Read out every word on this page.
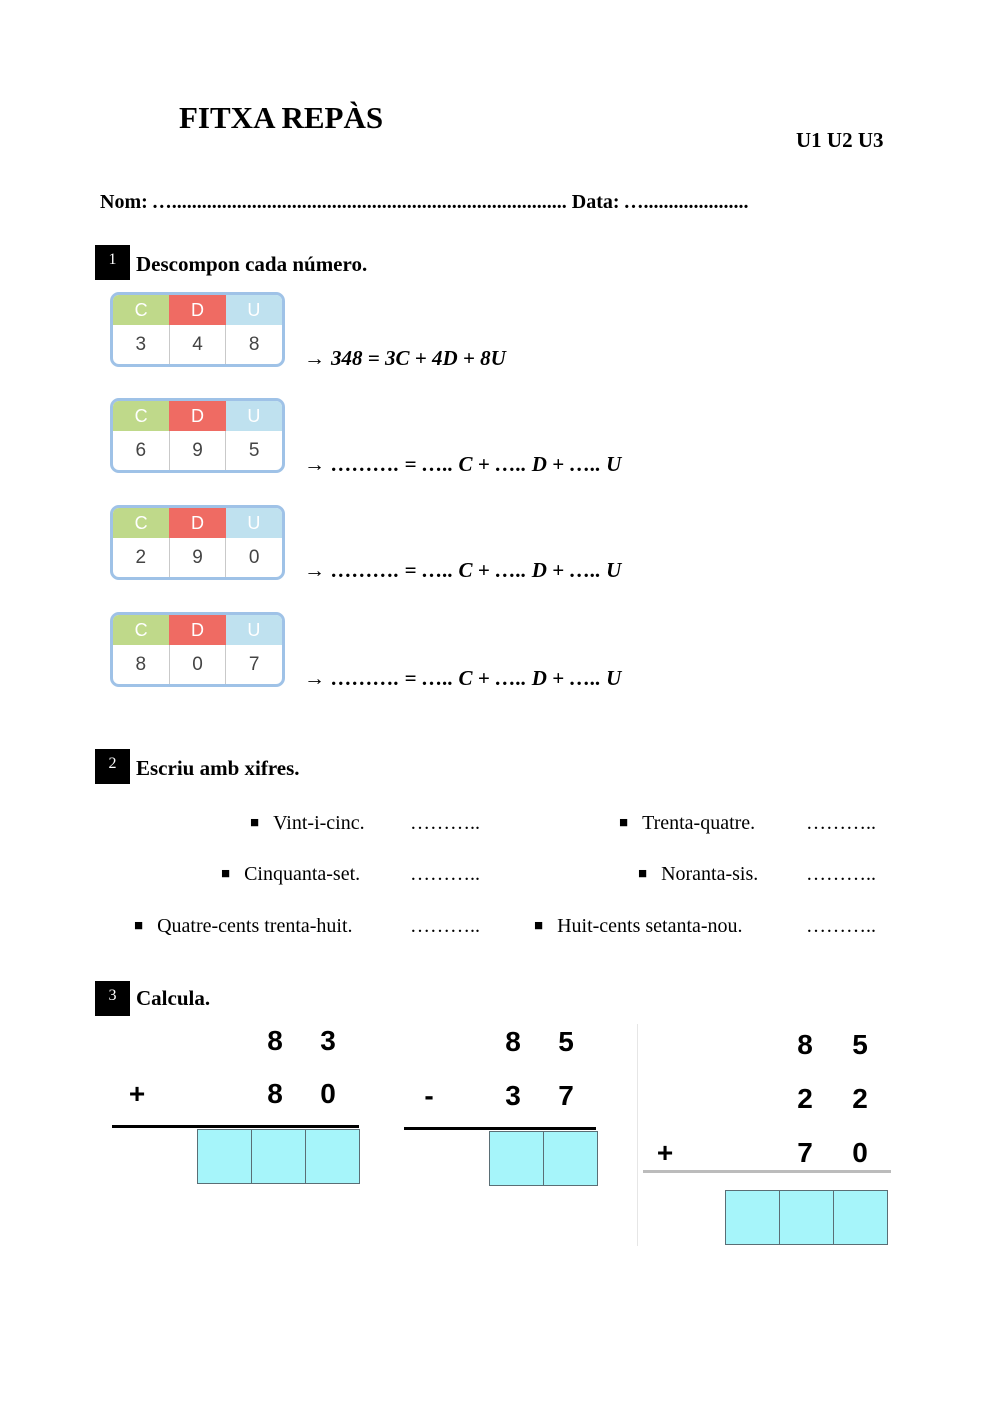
FITXA REPÀS
U1 U2 U3
Nom: …............................................................................... Data: ….....................
1 Descompon cada número.
C	D	U
3	4	8
→ 348 = 3C + 4D + 8U
C	D	U
6	9	5
→ ………. = ….. C + ….. D + ….. U
C	D	U
2	9	0
→ ………. = ….. C + ….. D + ….. U
C	D	U
8	0	7
→ ………. = ….. C + ….. D + ….. U
2 Escriu amb xifres.
■ Vint-i-cinc. ………..	■ Trenta-quatre.	………..
■ Cinquanta-set. ………..	■ Noranta-sis. ………..
■ Quatre-cents trenta-huit.	………..	■ Huit-cents setanta-nou.	………..
3 Calcula.
8 3
+	8 0
8 5
-	3 7
8 5
2 2
+	7 0
